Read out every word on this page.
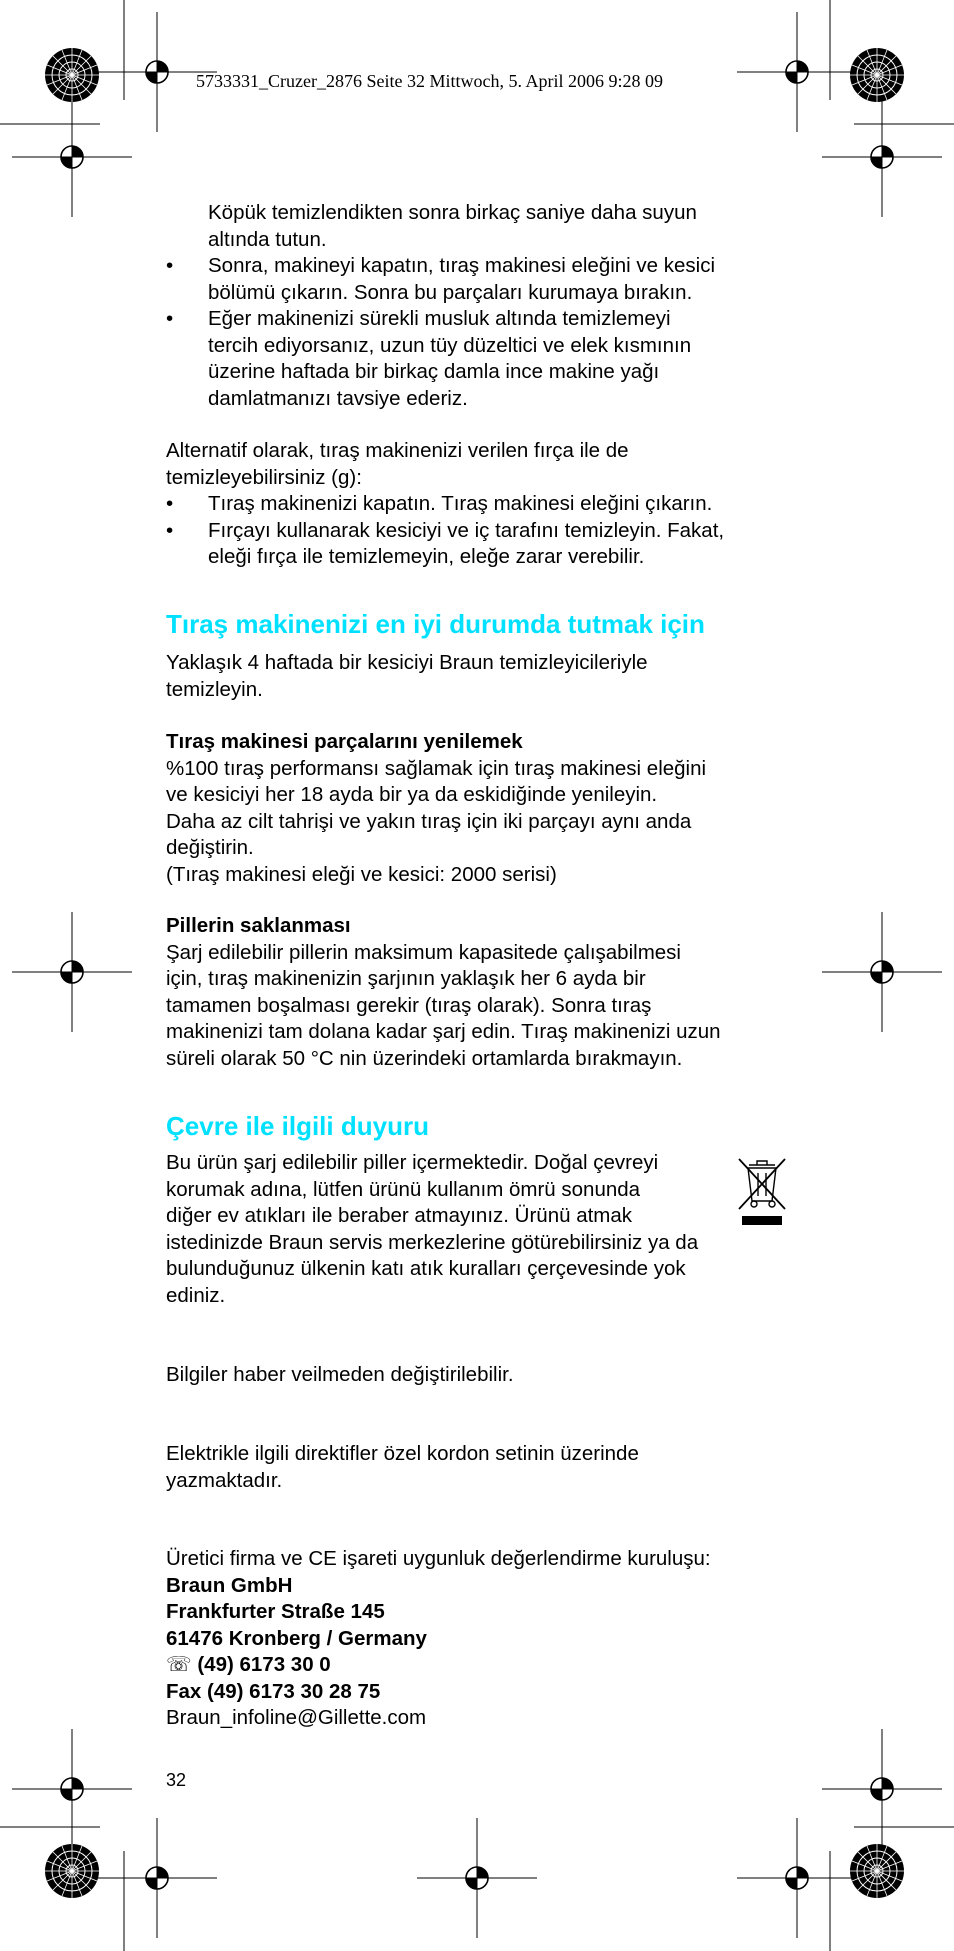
5733331_Cruzer_2876 Seite 32 Mittwoch, 5. April 2006 9:28 09
Köpük temizlendikten sonra birkaç saniye daha suyun
altında tutun.
• Sonra, makineyi kapatın, tıraş makinesi eleğini ve kesici
bölümü çıkarın. Sonra bu parçaları kurumaya bırakın.
• Eğer makinenizi sürekli musluk altında temizlemeyi
tercih ediyorsanız, uzun tüy düzeltici ve elek kısmının
üzerine haftada bir birkaç damla ince makine yağı
damlatmanızı tavsiye ederiz.
Alternatif olarak, tıraş makinenizi verilen fırça ile de
temizleyebilirsiniz (g):
• Tıraş makinenizi kapatın. Tıraş makinesi eleğini çıkarın.
• Fırçayı kullanarak kesiciyi ve iç tarafını temizleyin. Fakat,
eleği fırça ile temizlemeyin, eleğe zarar verebilir.
Tıraş makinenizi en iyi durumda tutmak için
Yaklaşık 4 haftada bir kesiciyi Braun temizleyicileriyle
temizleyin.
Tıraş makinesi parçalarını yenilemek
%100 tıraş performansı sağlamak için tıraş makinesi eleğini
ve kesiciyi her 18 ayda bir ya da eskidiğinde yenileyin.
Daha az cilt tahrişi ve yakın tıraş için iki parçayı aynı anda
değiştirin.
(Tıraş makinesi eleği ve kesici: 2000 serisi)
Pillerin saklanması
Şarj edilebilir pillerin maksimum kapasitede çalışabilmesi
için, tıraş makinenizin şarjının yaklaşık her 6 ayda bir
tamamen boşalması gerekir (tıraş olarak). Sonra tıraş
makinenizi tam dolana kadar şarj edin. Tıraş makinenizi uzun
süreli olarak 50 °C nin üzerindeki ortamlarda bırakmayın.
Çevre ile ilgili duyuru
Bu ürün şarj edilebilir piller içermektedir. Doğal çevreyi
korumak adına, lütfen ürünü kullanım ömrü sonunda
diğer ev atıkları ile beraber atmayınız. Ürünü atmak
istedinizde Braun servis merkezlerine götürebilirsiniz ya da
bulunduğunuz ülkenin katı atık kuralları çerçevesinde yok
ediniz.
Bilgiler haber veilmeden değiştirilebilir.
Elektrikle ilgili direktifler özel kordon setinin üzerinde
yazmaktadır.
Üretici firma ve CE işareti uygunluk değerlendirme kuruluşu:
Braun GmbH
Frankfurter Straße 145
61476 Kronberg / Germany
☏ (49) 6173 30 0
Fax (49) 6173 30 28 75
Braun_infoline@Gillette.com
32
